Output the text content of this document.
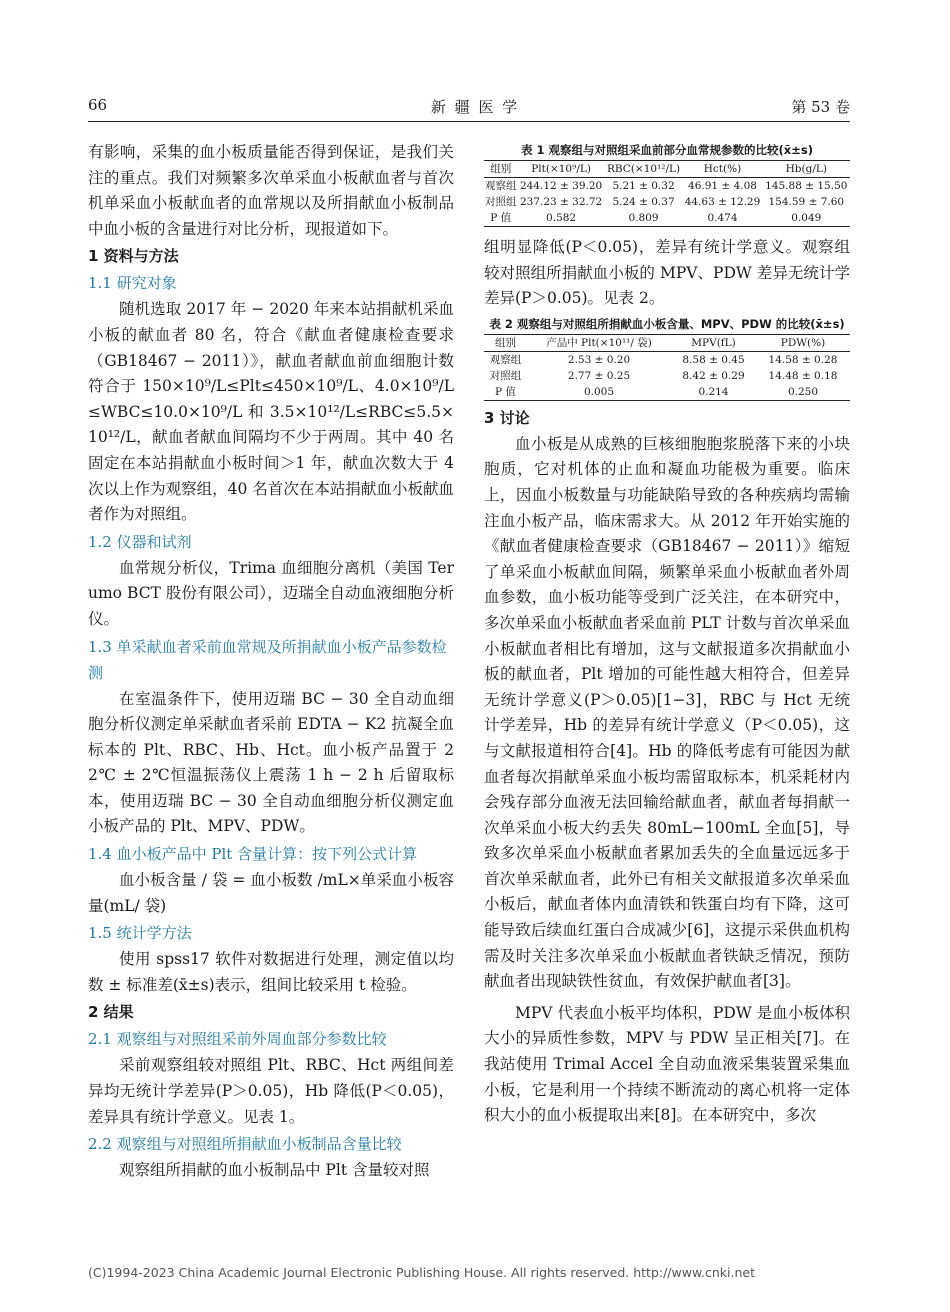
66	新 疆 医 学	第 53 卷

有影响，采集的血小板质量能否得到保证，是我们关注的重点。我们对频繁多次单采血小板献血者与首次机单采血小板献血者的血常规以及所捐献血小板制品中血小板的含量进行对比分析，现报道如下。

1 资料与方法
1.1 研究对象

随机选取 2017 年 − 2020 年来本站捐献机采血小板的献血者 80 名，符合《献血者健康检查要求（GB18467 − 2011）》，献血者献血前血细胞计数符合于 150×10⁹/L≤Plt≤450×10⁹/L、4.0×10⁹/L≤WBC≤10.0×10⁹/L 和 3.5×10¹²/L≤RBC≤5.5×10¹²/L，献血者献血间隔均不少于两周。其中 40 名固定在本站捐献血小板时间＞1 年，献血次数大于 4 次以上作为观察组，40 名首次在本站捐献血小板献血者作为对照组。

1.2 仪器和试剂

血常规分析仪，Trima 血细胞分离机（美国 Terumo BCT 股份有限公司），迈瑞全自动血液细胞分析仪。

1.3 单采献血者采前血常规及所捐献血小板产品参数检测

在室温条件下，使用迈瑞 BC − 30 全自动血细胞分析仪测定单采献血者采前 EDTA − K2 抗凝全血标本的 Plt、RBC、Hb、Hct。血小板产品置于 22℃ ± 2℃恒温振荡仪上震荡 1 h − 2 h 后留取标本，使用迈瑞 BC − 30 全自动血细胞分析仪测定血小板产品的 Plt、MPV、PDW。

1.4 血小板产品中 Plt 含量计算：按下列公式计算

血小板含量 / 袋 = 血小板数 /mL×单采血小板容量(mL/ 袋)

1.5 统计学方法

使用 spss17 软件对数据进行处理，测定值以均数 ± 标准差(x̄±s)表示，组间比较采用 t 检验。

2 结果
2.1 观察组与对照组采前外周血部分参数比较

采前观察组较对照组 Plt、RBC、Hct 两组间差异均无统计学差异(P＞0.05)，Hb 降低(P＜0.05)，差异具有统计学意义。见表 1。

2.2 观察组与对照组所捐献血小板制品含量比较

观察组所捐献的血小板制品中 Plt 含量较对照

表 1 观察组与对照组采血前部分血常规参数的比较(x̄±s)
组别	Plt(×10⁹/L)	RBC(×10¹²/L)	Hct(%)	Hb(g/L)
观察组	244.12 ± 39.20	5.21 ± 0.32	46.91 ± 4.08	145.88 ± 15.50
对照组	237.23 ± 32.72	5.24 ± 0.37	44.63 ± 12.29	154.59 ± 7.60
P 值	0.582	0.809	0.474	0.049

组明显降低(P＜0.05)，差异有统计学意义。观察组较对照组所捐献血小板的 MPV、PDW 差异无统计学差异(P＞0.05)。见表 2。

表 2 观察组与对照组所捐献血小板含量、MPV、PDW 的比较(x̄±s)
组别	产品中 Plt(×10¹¹/ 袋)	MPV(fL)	PDW(%)
观察组	2.53 ± 0.20	8.58 ± 0.45	14.58 ± 0.28
对照组	2.77 ± 0.25	8.42 ± 0.29	14.48 ± 0.18
P 值	0.005	0.214	0.250
3 讨论

血小板是从成熟的巨核细胞胞浆脱落下来的小块胞质，它对机体的止血和凝血功能极为重要。临床上，因血小板数量与功能缺陷导致的各种疾病均需输注血小板产品，临床需求大。从 2012 年开始实施的《献血者健康检查要求（GB18467 − 2011）》缩短了单采血小板献血间隔，频繁单采血小板献血者外周血参数，血小板功能等受到广泛关注，在本研究中，多次单采血小板献血者采血前 PLT 计数与首次单采血小板献血者相比有增加，这与文献报道多次捐献血小板的献血者，Plt 增加的可能性越大相符合，但差异无统计学意义(P＞0.05)[1−3]，RBC 与 Hct 无统计学差异，Hb 的差异有统计学意义（P＜0.05)，这与文献报道相符合[4]。Hb 的降低考虑有可能因为献血者每次捐献单采血小板均需留取标本，机采耗材内会残存部分血液无法回输给献血者，献血者每捐献一次单采血小板大约丢失 80mL−100mL 全血[5]，导致多次单采血小板献血者累加丢失的全血量远远多于首次单采献血者，此外已有相关文献报道多次单采血小板后，献血者体内血清铁和铁蛋白均有下降，这可能导致后续血红蛋白合成减少[6]，这提示采供血机构需及时关注多次单采血小板献血者铁缺乏情况，预防献血者出现缺铁性贫血，有效保护献血者[3]。

MPV 代表血小板平均体积，PDW 是血小板体积大小的异质性参数，MPV 与 PDW 呈正相关[7]。在我站使用 Trimal Accel 全自动血液采集装置采集血小板，它是利用一个持续不断流动的离心机将一定体积大小的血小板提取出来[8]。在本研究中，多次

(C)1994-2023 China Academic Journal Electronic Publishing House. All rights reserved. http://www.cnki.net
